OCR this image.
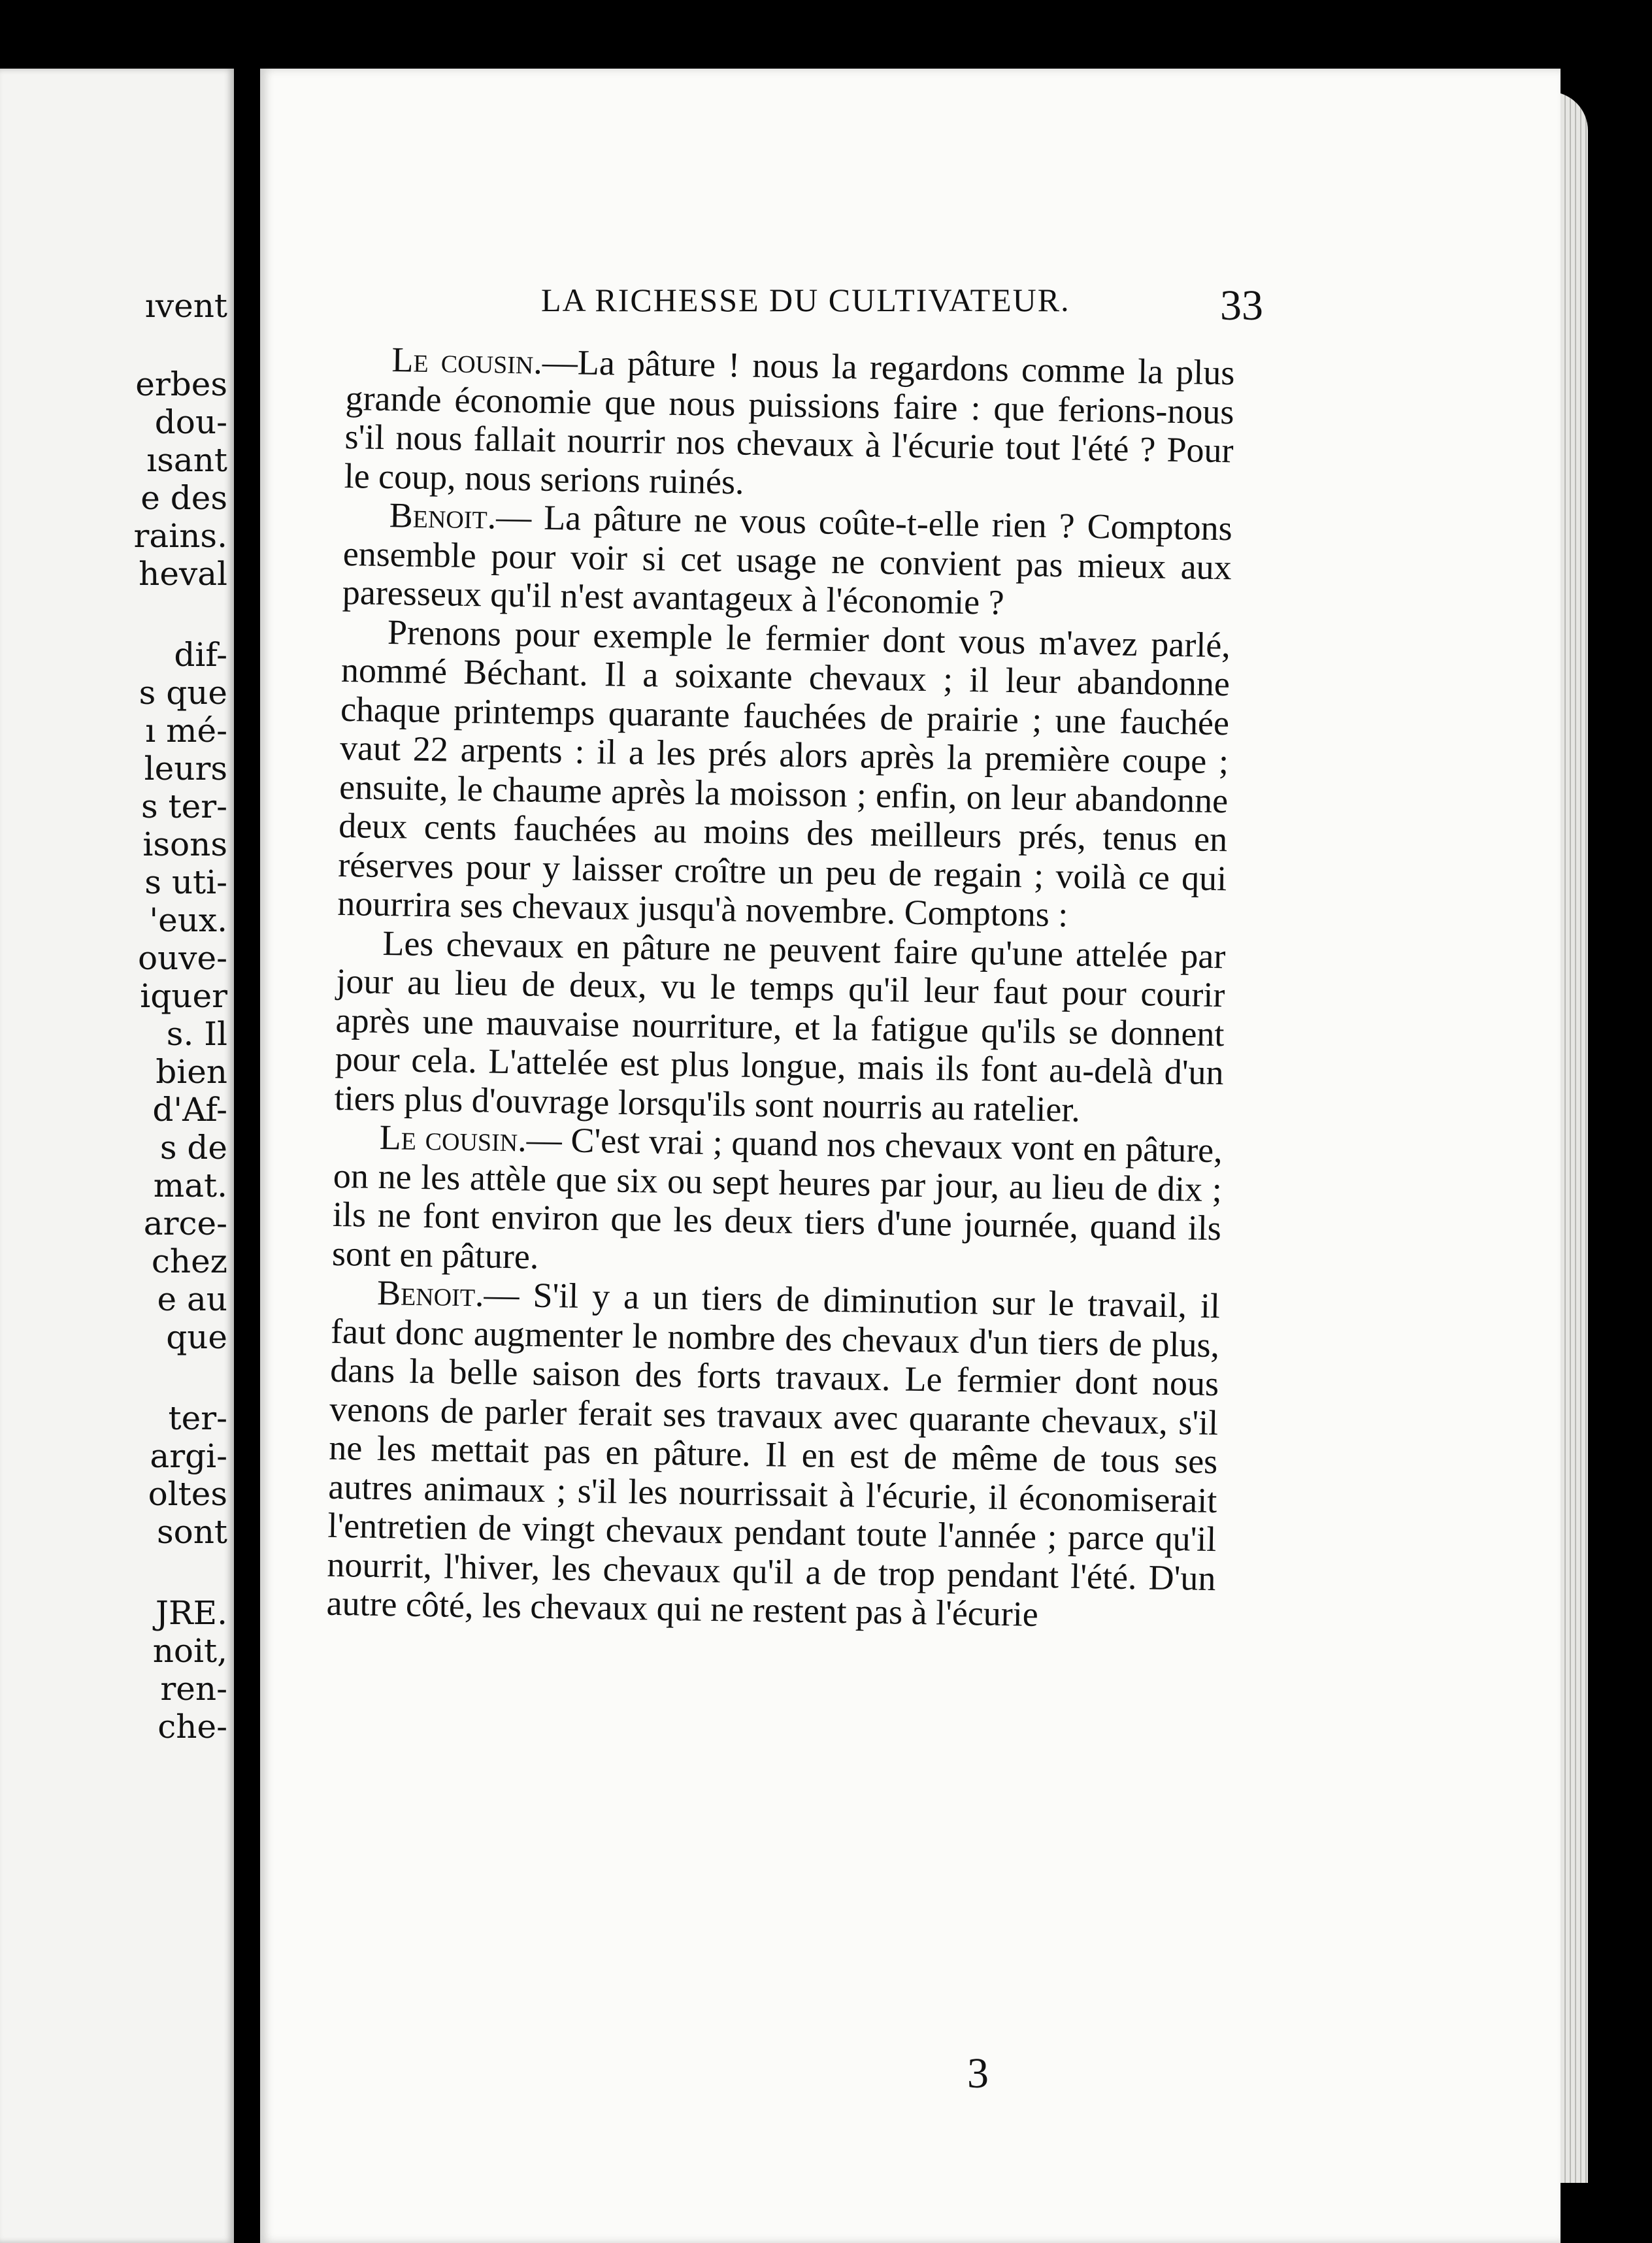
ıvent

erbes

dou-

ısant

e des

rains.

heval

dif-

s que

ı mé-

leurs

s ter-

isons

s uti-

'eux.

ouve-

iquer

s. Il

bien

d'Af-

s de

mat.

arce-

chez

e au

que

ter-

argi-

oltes

sont

JRE.

noit,

ren-

che-

LA RICHESSE DU CULTIVATEUR.	33

Le cousin.—La pâture ! nous la regardons comme la plus grande économie que nous puissions faire : que ferions-nous s'il nous fallait nourrir nos chevaux à l'écurie tout l'été ? Pour le coup, nous serions ruinés.

Benoit.— La pâture ne vous coûte-t-elle rien ? Comptons ensemble pour voir si cet usage ne convient pas mieux aux paresseux qu'il n'est avantageux à l'économie ?

Prenons pour exemple le fermier dont vous m'avez parlé, nommé Béchant. Il a soixante chevaux ; il leur abandonne chaque printemps quarante fauchées de prairie ; une fauchée vaut 22 arpents : il a les prés alors après la première coupe ; ensuite, le chaume après la moisson ; enfin, on leur abandonne deux cents fauchées au moins des meilleurs prés, tenus en réserves pour y laisser croître un peu de regain ; voilà ce qui nourrira ses chevaux jusqu'à novembre. Comptons :

Les chevaux en pâture ne peuvent faire qu'une attelée par jour au lieu de deux, vu le temps qu'il leur faut pour courir après une mauvaise nourriture, et la fatigue qu'ils se donnent pour cela. L'attelée est plus longue, mais ils font au-delà d'un tiers plus d'ouvrage lorsqu'ils sont nourris au ratelier.

Le cousin.— C'est vrai ; quand nos chevaux vont en pâture, on ne les attèle que six ou sept heures par jour, au lieu de dix ; ils ne font environ que les deux tiers d'une journée, quand ils sont en pâture.

Benoit.— S'il y a un tiers de diminution sur le travail, il faut donc augmenter le nombre des chevaux d'un tiers de plus, dans la belle saison des forts travaux. Le fermier dont nous venons de parler ferait ses travaux avec quarante chevaux, s'il ne les mettait pas en pâture. Il en est de même de tous ses autres animaux ; s'il les nourrissait à l'écurie, il économiserait l'entretien de vingt chevaux pendant toute l'année ; parce qu'il nourrit, l'hiver, les chevaux qu'il a de trop pendant l'été. D'un autre côté, les chevaux qui ne restent pas à l'écurie

3
